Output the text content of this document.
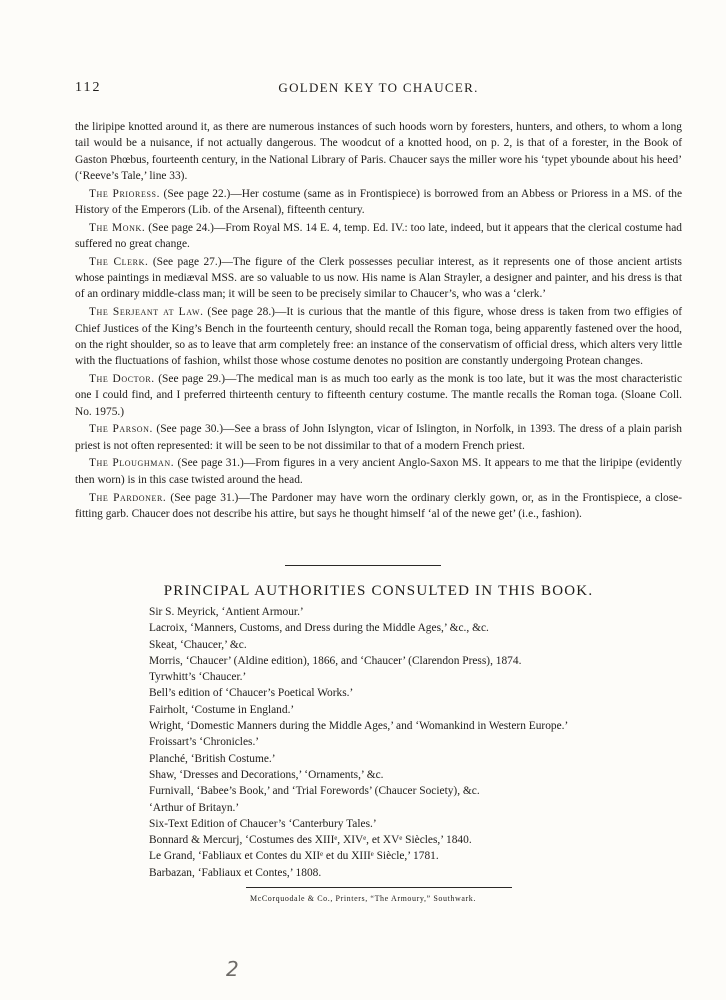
112	GOLDEN KEY TO CHAUCER.

the liripipe knotted around it, as there are numerous instances of such hoods worn by foresters, hunters, and others, to whom a long tail would be a nuisance, if not actually dangerous. The woodcut of a knotted hood, on p. 2, is that of a forester, in the Book of Gaston Phœbus, fourteenth century, in the National Library of Paris. Chaucer says the miller wore his ‘typet ybounde about his heed’ (‘Reeve’s Tale,’ line 33).

The Prioress. (See page 22.)—Her costume (same as in Frontispiece) is borrowed from an Abbess or Prioress in a MS. of the History of the Emperors (Lib. of the Arsenal), fifteenth century.

The Monk. (See page 24.)—From Royal MS. 14 E. 4, temp. Ed. IV.: too late, indeed, but it appears that the clerical costume had suffered no great change.

The Clerk. (See page 27.)—The figure of the Clerk possesses peculiar interest, as it represents one of those ancient artists whose paintings in mediæval MSS. are so valuable to us now. His name is Alan Strayler, a designer and painter, and his dress is that of an ordinary middle-class man; it will be seen to be precisely similar to Chaucer’s, who was a ‘clerk.’

The Serjeant at Law. (See page 28.)—It is curious that the mantle of this figure, whose dress is taken from two effigies of Chief Justices of the King’s Bench in the fourteenth century, should recall the Roman toga, being apparently fastened over the hood, on the right shoulder, so as to leave that arm completely free: an instance of the conservatism of official dress, which alters very little with the fluctuations of fashion, whilst those whose costume denotes no position are constantly undergoing Protean changes.

The Doctor. (See page 29.)—The medical man is as much too early as the monk is too late, but it was the most characteristic one I could find, and I preferred thirteenth century to fifteenth century costume. The mantle recalls the Roman toga. (Sloane Coll. No. 1975.)

The Parson. (See page 30.)—See a brass of John Islyngton, vicar of Islington, in Norfolk, in 1393. The dress of a plain parish priest is not often represented: it will be seen to be not dissimilar to that of a modern French priest.

The Ploughman. (See page 31.)—From figures in a very ancient Anglo-Saxon MS. It appears to me that the liripipe (evidently then worn) is in this case twisted around the head.

The Pardoner. (See page 31.)—The Pardoner may have worn the ordinary clerkly gown, or, as in the Frontispiece, a close-fitting garb. Chaucer does not describe his attire, but says he thought himself ‘al of the newe get’ (i.e., fashion).

PRINCIPAL AUTHORITIES CONSULTED IN THIS BOOK.
Sir S. Meyrick, ‘Antient Armour.’
Lacroix, ‘Manners, Customs, and Dress during the Middle Ages,’ &c., &c.
Skeat, ‘Chaucer,’ &c.
Morris, ‘Chaucer’ (Aldine edition), 1866, and ‘Chaucer’ (Clarendon Press), 1874.
Tyrwhitt’s ‘Chaucer.’
Bell’s edition of ‘Chaucer’s Poetical Works.’
Fairholt, ‘Costume in England.’
Wright, ‘Domestic Manners during the Middle Ages,’ and ‘Womankind in Western Europe.’
Froissart’s ‘Chronicles.’
Planché, ‘British Costume.’
Shaw, ‘Dresses and Decorations,’ ‘Ornaments,’ &c.
Furnivall, ‘Babee’s Book,’ and ‘Trial Forewords’ (Chaucer Society), &c.
‘Arthur of Britayn.’
Six-Text Edition of Chaucer’s ‘Canterbury Tales.’
Bonnard & Mercurj, ‘Costumes des XIIIᵉ, XIVᵉ, et XVᵉ Siècles,’ 1840.
Le Grand, ‘Fabliaux et Contes du XIIᵉ et du XIIIᵉ Siècle,’ 1781.
Barbazan, ‘Fabliaux et Contes,’ 1808.
McCorquodale & Co., Printers, “The Armoury,” Southwark.
2
